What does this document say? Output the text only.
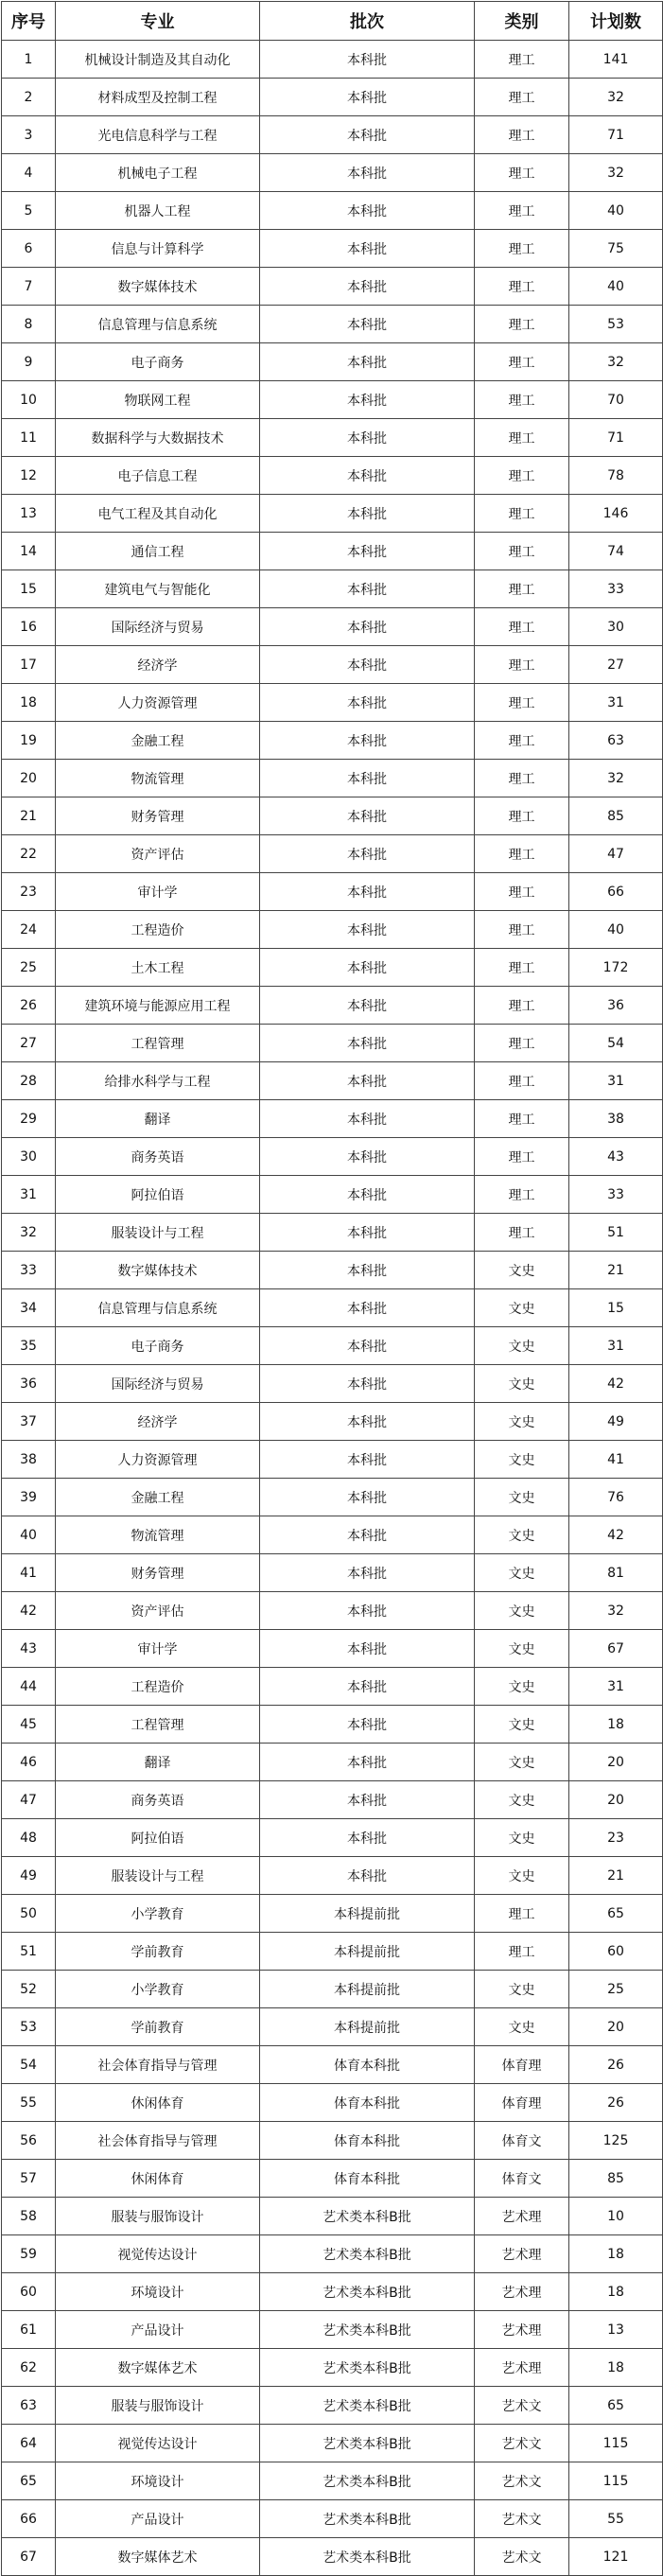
序号	专业	批次	类别	计划数
1	机械设计制造及其自动化	本科批	理工	141
2	材料成型及控制工程	本科批	理工	32
3	光电信息科学与工程	本科批	理工	71
4	机械电子工程	本科批	理工	32
5	机器人工程	本科批	理工	40
6	信息与计算科学	本科批	理工	75
7	数字媒体技术	本科批	理工	40
8	信息管理与信息系统	本科批	理工	53
9	电子商务	本科批	理工	32
10	物联网工程	本科批	理工	70
11	数据科学与大数据技术	本科批	理工	71
12	电子信息工程	本科批	理工	78
13	电气工程及其自动化	本科批	理工	146
14	通信工程	本科批	理工	74
15	建筑电气与智能化	本科批	理工	33
16	国际经济与贸易	本科批	理工	30
17	经济学	本科批	理工	27
18	人力资源管理	本科批	理工	31
19	金融工程	本科批	理工	63
20	物流管理	本科批	理工	32
21	财务管理	本科批	理工	85
22	资产评估	本科批	理工	47
23	审计学	本科批	理工	66
24	工程造价	本科批	理工	40
25	土木工程	本科批	理工	172
26	建筑环境与能源应用工程	本科批	理工	36
27	工程管理	本科批	理工	54
28	给排水科学与工程	本科批	理工	31
29	翻译	本科批	理工	38
30	商务英语	本科批	理工	43
31	阿拉伯语	本科批	理工	33
32	服装设计与工程	本科批	理工	51
33	数字媒体技术	本科批	文史	21
34	信息管理与信息系统	本科批	文史	15
35	电子商务	本科批	文史	31
36	国际经济与贸易	本科批	文史	42
37	经济学	本科批	文史	49
38	人力资源管理	本科批	文史	41
39	金融工程	本科批	文史	76
40	物流管理	本科批	文史	42
41	财务管理	本科批	文史	81
42	资产评估	本科批	文史	32
43	审计学	本科批	文史	67
44	工程造价	本科批	文史	31
45	工程管理	本科批	文史	18
46	翻译	本科批	文史	20
47	商务英语	本科批	文史	20
48	阿拉伯语	本科批	文史	23
49	服装设计与工程	本科批	文史	21
50	小学教育	本科提前批	理工	65
51	学前教育	本科提前批	理工	60
52	小学教育	本科提前批	文史	25
53	学前教育	本科提前批	文史	20
54	社会体育指导与管理	体育本科批	体育理	26
55	休闲体育	体育本科批	体育理	26
56	社会体育指导与管理	体育本科批	体育文	125
57	休闲体育	体育本科批	体育文	85
58	服装与服饰设计	艺术类本科B批	艺术理	10
59	视觉传达设计	艺术类本科B批	艺术理	18
60	环境设计	艺术类本科B批	艺术理	18
61	产品设计	艺术类本科B批	艺术理	13
62	数字媒体艺术	艺术类本科B批	艺术理	18
63	服装与服饰设计	艺术类本科B批	艺术文	65
64	视觉传达设计	艺术类本科B批	艺术文	115
65	环境设计	艺术类本科B批	艺术文	115
66	产品设计	艺术类本科B批	艺术文	55
67	数字媒体艺术	艺术类本科B批	艺术文	121
